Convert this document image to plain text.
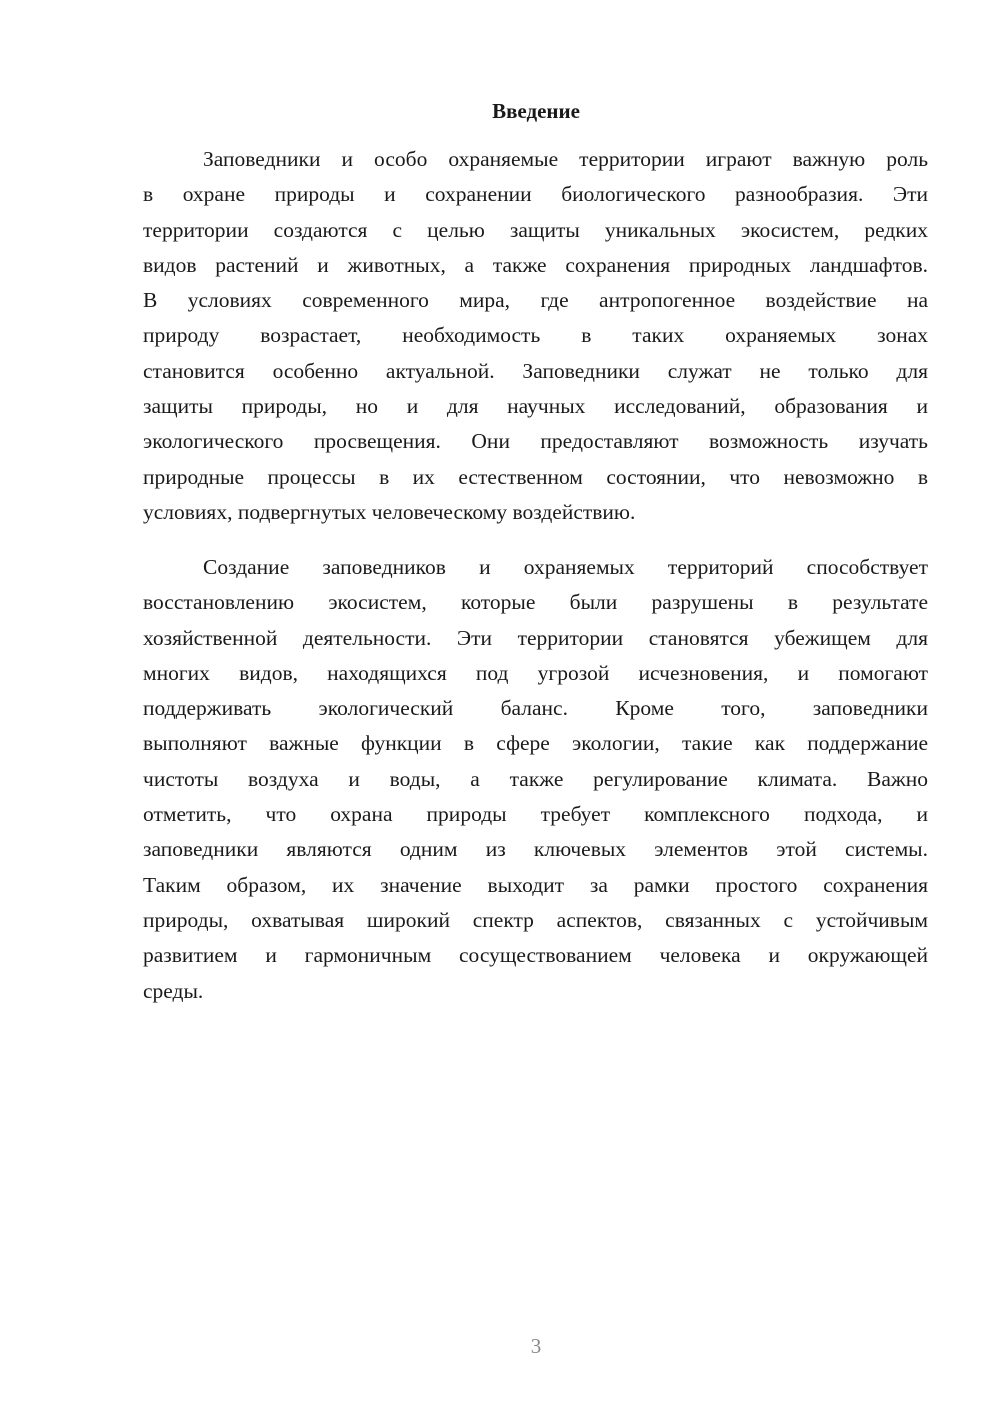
Введение
Заповедники и особо охраняемые территории играют важную роль
в охране природы и сохранении биологического разнообразия. Эти
территории создаются с целью защиты уникальных экосистем, редких
видов растений и животных, а также сохранения природных ландшафтов.
В условиях современного мира, где антропогенное воздействие на
природу возрастает, необходимость в таких охраняемых зонах
становится особенно актуальной. Заповедники служат не только для
защиты природы, но и для научных исследований, образования и
экологического просвещения. Они предоставляют возможность изучать
природные процессы в их естественном состоянии, что невозможно в
условиях, подвергнутых человеческому воздействию.
Создание заповедников и охраняемых территорий способствует
восстановлению экосистем, которые были разрушены в результате
хозяйственной деятельности. Эти территории становятся убежищем для
многих видов, находящихся под угрозой исчезновения, и помогают
поддерживать экологический баланс. Кроме того, заповедники
выполняют важные функции в сфере экологии, такие как поддержание
чистоты воздуха и воды, а также регулирование климата. Важно
отметить, что охрана природы требует комплексного подхода, и
заповедники являются одним из ключевых элементов этой системы.
Таким образом, их значение выходит за рамки простого сохранения
природы, охватывая широкий спектр аспектов, связанных с устойчивым
развитием и гармоничным сосуществованием человека и окружающей
среды.
3
